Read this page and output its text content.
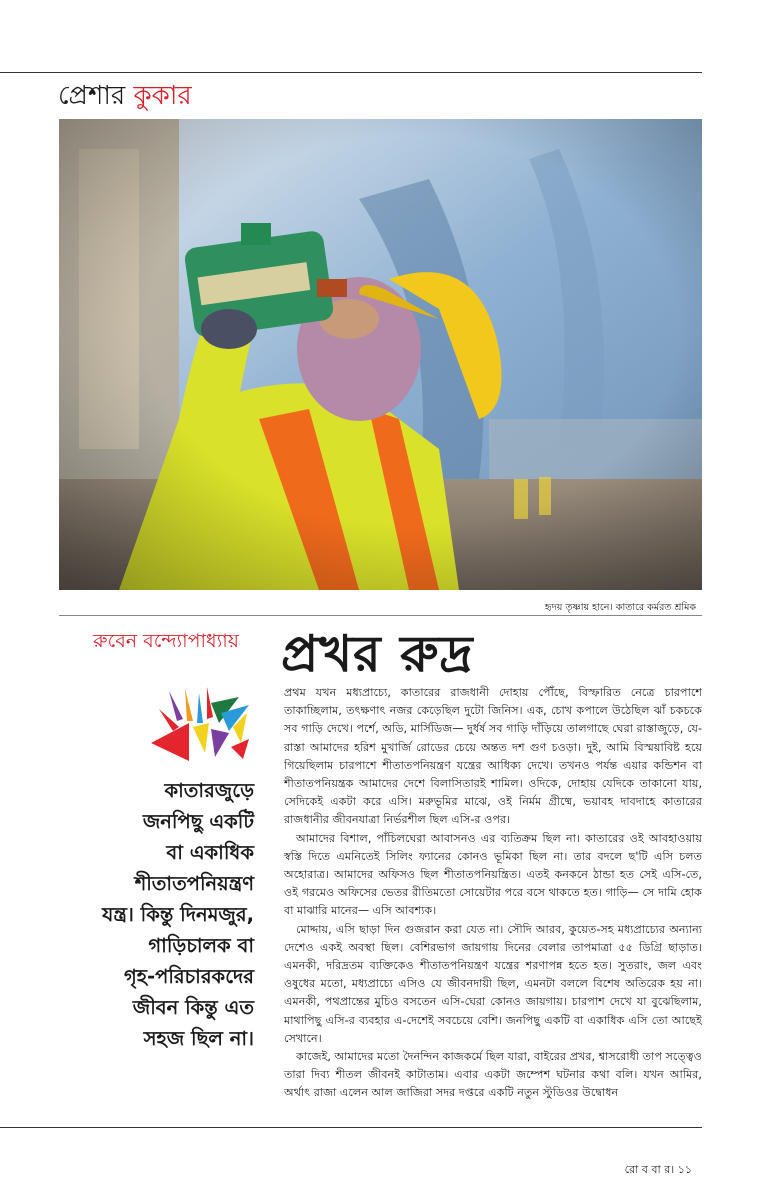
প্রেশার কুকার
হৃদয় তৃষ্ণায় হানে। কাতারে কর্মরত শ্রমিক
রুবেন বন্দ্যোপাধ্যায় প্রখর রুদ্র

কাতারজুড়ে

জনপিছু একটি

বা একাধিক

শীতাতপনিয়ন্ত্রণ

যন্ত্র। কিন্তু দিনমজুর,

গাড়িচালক বা

গৃহ-পরিচারকদের

জীবন কিন্তু এত

সহজ ছিল না।

প্রথম যখন মধ্যপ্রাচ্যে, কাতারের রাজধানী দোহায় পৌঁছে, বিস্ফারিত নেত্রে চারপাশে তাকাচ্ছিলাম, তৎক্ষণাৎ নজর কেড়েছিল দুটো জিনিস। এক, চোখ কপালে উঠেছিল ঝাঁ চকচকে সব গাড়ি দেখে। পর্শে, অডি, মার্সিডিজ— দুর্ধর্ষ সব গাড়ি দাঁড়িয়ে তালগাছে ঘেরা রাস্তাজুড়ে, যে-রাস্তা আমাদের হরিশ মুখার্জি রোডের চেয়ে অন্তত দশ গুণ চওড়া। দুই, আমি বিস্ময়াবিষ্ট হয়ে গিয়েছিলাম চারপাশে শীতাতপনিয়ন্ত্রণ যন্ত্রের আধিক্য দেখে। তখনও পর্যন্ত এয়ার কন্ডিশন বা শীতাতপনিয়ন্ত্রক আমাদের দেশে বিলাসিতারই শামিল। ওদিকে, দোহায় যেদিকে তাকানো যায়, সেদিকেই একটা করে এসি। মরুভূমির মাঝে, ওই নির্মম গ্রীষ্মে, ভয়াবহ দাবদাহে কাতারের রাজধানীর জীবনযাত্রা নির্ভরশীল ছিল এসি-র ওপর।

আমাদের বিশাল, পাঁচিলঘেরা আবাসনও এর ব্যতিক্রম ছিল না। কাতারের ওই আবহাওয়ায় স্বস্তি দিতে এমনিতেই সিলিং ফ্যানের কোনও ভূমিকা ছিল না। তার বদলে ছ'টি এসি চলত অহোরাত্র। আমাদের অফিসও ছিল শীতাতপনিয়ন্ত্রিত। এতই কনকনে ঠান্ডা হত সেই এসি-তে, ওই গরমেও অফিসের ভেতর রীতিমতো সোয়েটার পরে বসে থাকতে হত। গাড়ি— সে দামি হোক বা মাঝারি মানের— এসি আবশ্যক।

মোদ্দায়, এসি ছাড়া দিন গুজরান করা যেত না। সৌদি আরব, কুয়েত-সহ মধ্যপ্রাচ্যের অন্যান্য দেশেও একই অবস্থা ছিল। বেশিরভাগ জায়গায় দিনের বেলার তাপমাত্রা ৫৫ ডিগ্রি ছাড়াত। এমনকী, দরিদ্রতম ব্যক্তিকেও শীতাতপনিয়ন্ত্রণ যন্ত্রের শরণাপন্ন হতে হত। সুতরাং, জল এবং ওষুধের মতো, মধ্যপ্রাচ্যে এসিও যে জীবনদায়ী ছিল, এমনটা বললে বিশেষ অতিরেক হয় না। এমনকী, পথপ্রান্তের মুচিও বসতেন এসি-ঘেরা কোনও জায়গায়। চারপাশ দেখে যা বুঝেছিলাম, মাথাপিছু এসি-র ব্যবহার এ-দেশেই সবচেয়ে বেশি। জনপিছু একটি বা একাধিক এসি তো আছেই সেখানে।

কাজেই, আমাদের মতো দৈনন্দিন কাজকর্মে ছিল যারা, বাইরের প্রখর, শ্বাসরোধী তাপ সত্ত্বেও তারা দিব্য শীতল জীবনই কাটাতাম। এবার একটা জম্পেশ ঘটনার কথা বলি। যখন আমির, অর্থাৎ রাজা এলেন আল জাজিরা সদর দপ্তরে একটি নতুন স্টুডিওর উদ্বোধন

রো ব বা র। ১১
